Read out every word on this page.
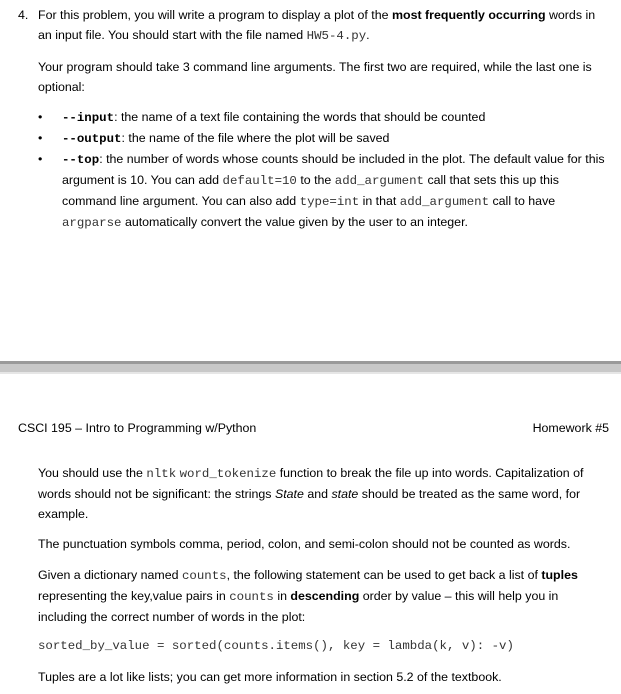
4. For this problem, you will write a program to display a plot of the most frequently occurring words in an input file. You should start with the file named HW5-4.py.
Your program should take 3 command line arguments. The first two are required, while the last one is optional:
• --input: the name of a text file containing the words that should be counted
• --output: the name of the file where the plot will be saved
• --top: the number of words whose counts should be included in the plot. The default value for this argument is 10. You can add default=10 to the add_argument call that sets this up this command line argument. You can also add type=int in that add_argument call to have argparse automatically convert the value given by the user to an integer.
CSCI 195 – Intro to Programming w/Python	Homework #5
You should use the nltk word_tokenize function to break the file up into words. Capitalization of words should not be significant: the strings State and state should be treated as the same word, for example.
The punctuation symbols comma, period, colon, and semi-colon should not be counted as words.
Given a dictionary named counts, the following statement can be used to get back a list of tuples representing the key,value pairs in counts in descending order by value – this will help you in including the correct number of words in the plot:
sorted_by_value = sorted(counts.items(), key = lambda(k, v): -v)
Tuples are a lot like lists; you can get more information in section 5.2 of the textbook.
